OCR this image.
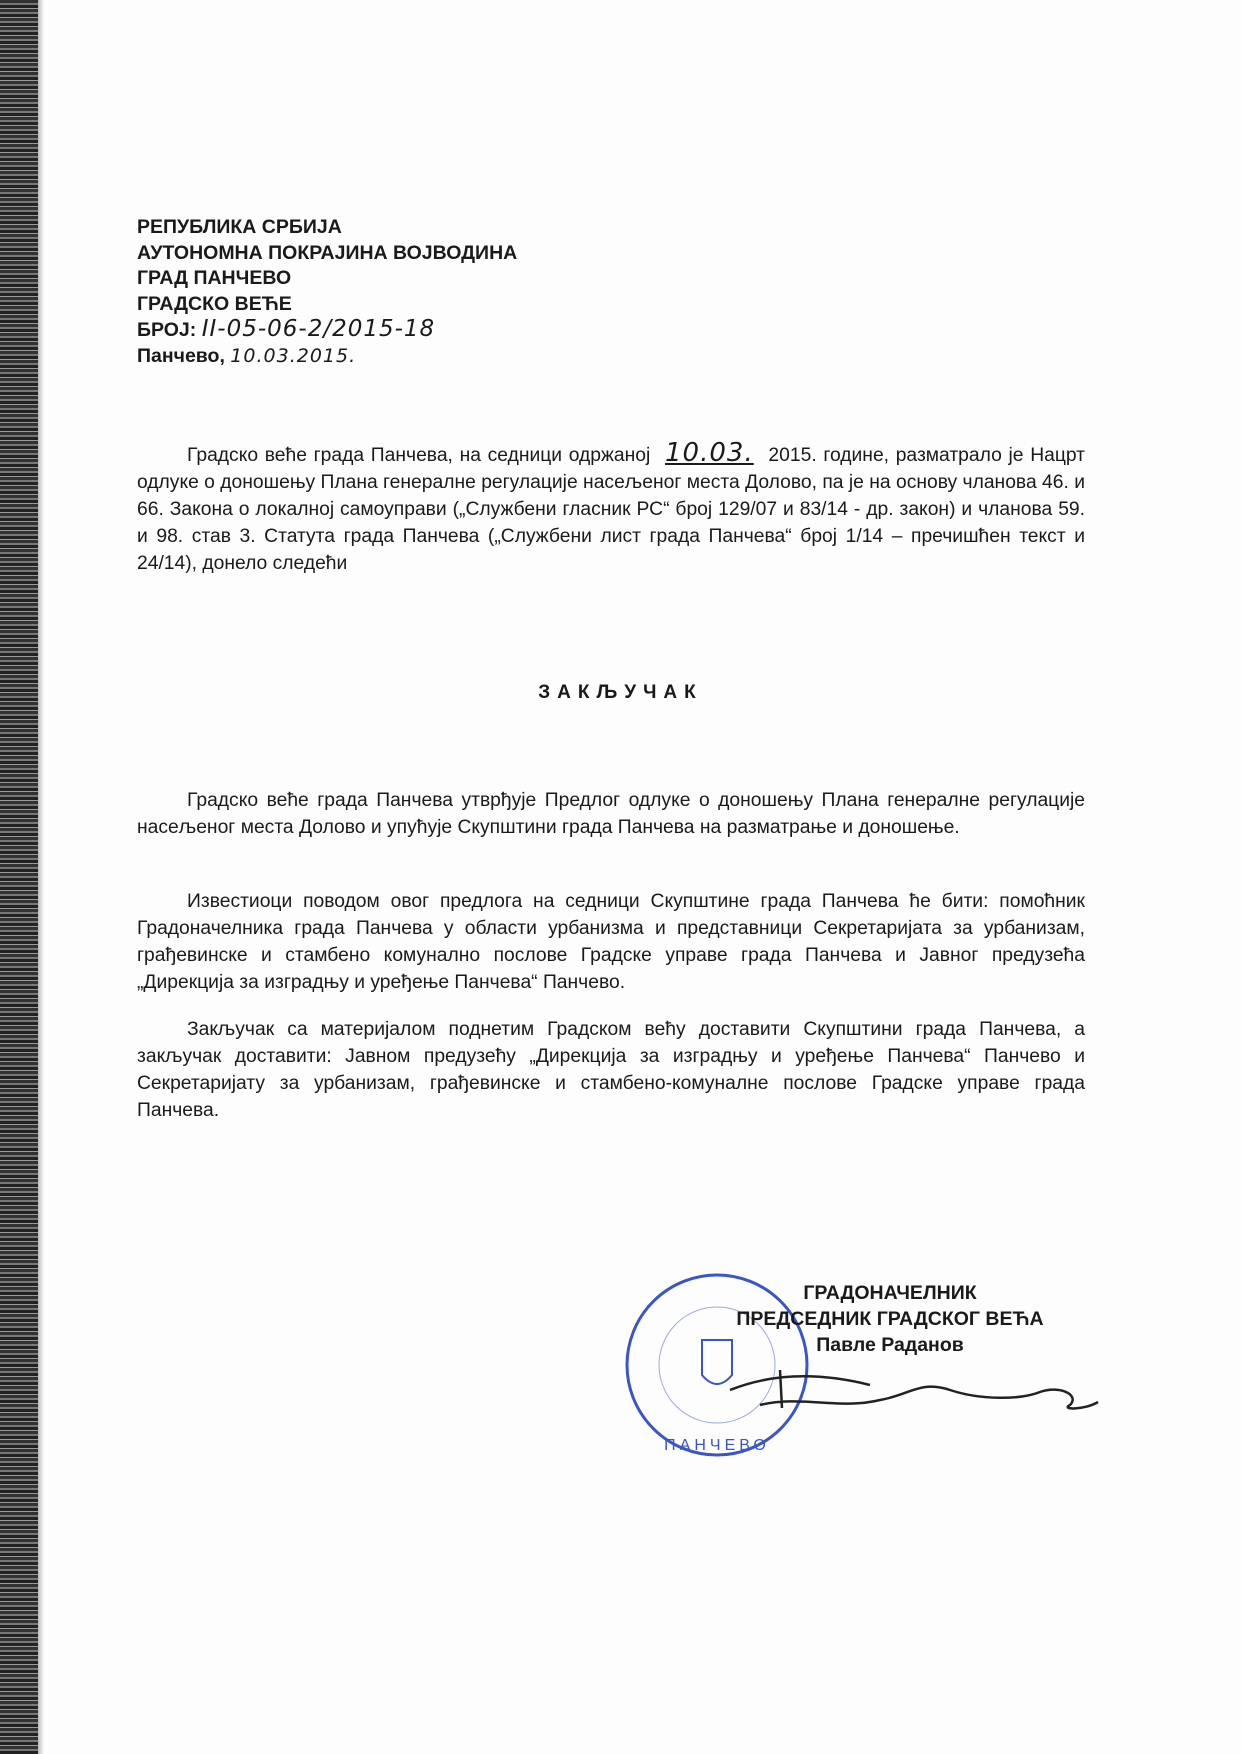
РЕПУБЛИКА СРБИЈА
АУТОНОМНА ПОКРАЈИНА ВОЈВОДИНА
ГРАД ПАНЧЕВО
ГРАДСКО ВЕЋЕ
БРОЈ: II-05-06-2/2015-18
Панчево, 10.03.2015.
Градско веће града Панчева, на седници одржаној 10.03. 2015. године, разматрало је Нацрт одлуке о доношењу Плана генералне регулације насељеног места Долово, па је на основу чланова 46. и 66. Закона о локалној самоуправи („Службени гласник РС“ број 129/07 и 83/14 - др. закон) и чланова 59. и 98. став 3. Статута града Панчева („Службени лист града Панчева“ број 1/14 – пречишћен текст и 24/14), донело следећи
ЗАКЉУЧАК
Градско веће града Панчева утврђује Предлог одлуке о доношењу Плана генералне регулације насељеног места Долово и упућује Скупштини града Панчева на разматрање и доношење.
Известиоци поводом овог предлога на седници Скупштине града Панчева ће бити: помоћник Градоначелника града Панчева у области урбанизма и представници Секретаријата за урбанизам, грађевинске и стамбено комунално послове Градске управе града Панчева и Јавног предузећа „Дирекција за изградњу и уређење Панчева“ Панчево.
Закључак са материјалом поднетим Градском већу доставити Скупштини града Панчева, а закључак доставити: Јавном предузећу „Дирекција за изградњу и уређење Панчева“ Панчево и Секретаријату за урбанизам, грађевинске и стамбено-комуналне послове Градске управе града Панчева.
ПАНЧЕВО
ГРАДОНАЧЕЛНИК
ПРЕДСЕДНИК ГРАДСКОГ ВЕЋА
Павле Раданов
